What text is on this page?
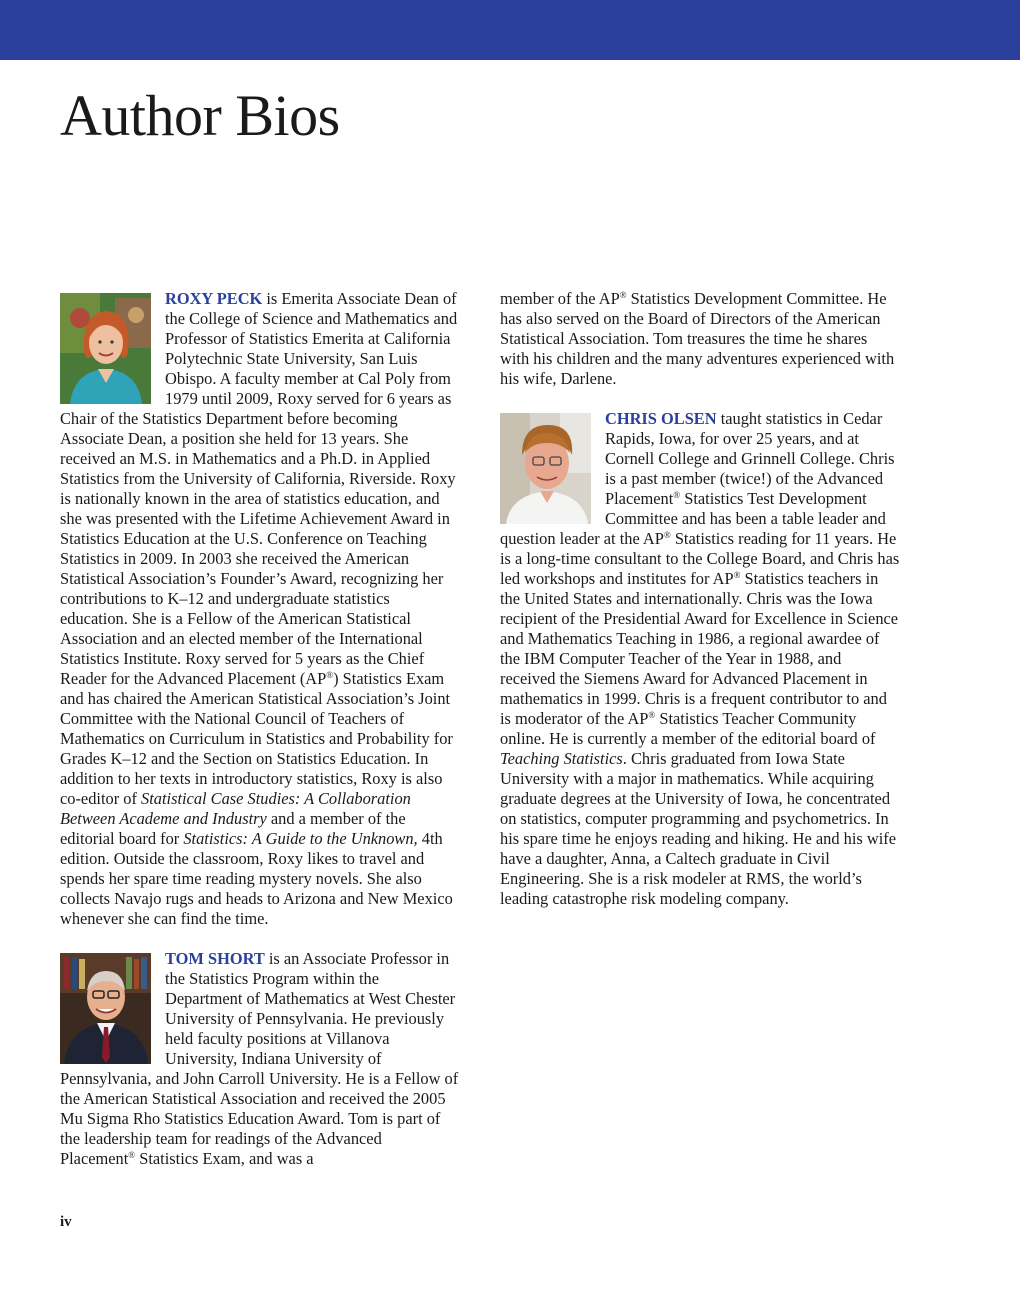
Author Bios

ROXY PECK is Emerita Associate Dean of the College of Science and Mathematics and Professor of Statistics Emerita at California Polytechnic State University, San Luis Obispo. A faculty member at Cal Poly from 1979 until 2009, Roxy served for 6 years as Chair of the Statistics Department before becoming Associate Dean, a position she held for 13 years. She received an M.S. in Mathematics and a Ph.D. in Applied Statistics from the University of California, Riverside. Roxy is nationally known in the area of statistics education, and she was presented with the Lifetime Achievement Award in Statistics Education at the U.S. Conference on Teaching Statistics in 2009. In 2003 she received the American Statistical Association’s Founder’s Award, recognizing her contributions to K–12 and undergraduate statistics education. She is a Fellow of the American Statistical Association and an elected member of the International Statistics Institute. Roxy served for 5 years as the Chief Reader for the Advanced Placement (AP®) Statistics Exam and has chaired the American Statistical Association’s Joint Committee with the National Council of Teachers of Mathematics on Curriculum in Statistics and Probability for Grades K–12 and the Section on Statistics Education. In addition to her texts in introductory statistics, Roxy is also co-editor of Statistical Case Studies: A Collaboration Between Academe and Industry and a member of the editorial board for Statistics: A Guide to the Unknown, 4th edition. Outside the classroom, Roxy likes to travel and spends her spare time reading mystery novels. She also collects Navajo rugs and heads to Arizona and New Mexico whenever she can find the time.

TOM SHORT is an Associate Professor in the Statistics Program within the Department of Mathematics at West Chester University of Pennsylvania. He previously held faculty positions at Villanova University, Indiana University of Pennsylvania, and John Carroll University. He is a Fellow of the American Statistical Association and received the 2005 Mu Sigma Rho Statistics Education Award. Tom is part of the leadership team for readings of the Advanced Placement® Statistics Exam, and was a

member of the AP® Statistics Development Committee. He has also served on the Board of Directors of the American Statistical Association. Tom treasures the time he shares with his children and the many adventures experienced with his wife, Darlene.

CHRIS OLSEN taught statistics in Cedar Rapids, Iowa, for over 25 years, and at Cornell College and Grinnell College. Chris is a past member (twice!) of the Advanced Placement® Statistics Test Development Committee and has been a table leader and question leader at the AP® Statistics reading for 11 years. He is a long-time consultant to the College Board, and Chris has led workshops and institutes for AP® Statistics teachers in the United States and internationally. Chris was the Iowa recipient of the Presidential Award for Excellence in Science and Mathematics Teaching in 1986, a regional awardee of the IBM Computer Teacher of the Year in 1988, and received the Siemens Award for Advanced Placement in mathematics in 1999. Chris is a frequent contributor to and is moderator of the AP® Statistics Teacher Community online. He is currently a member of the editorial board of Teaching Statistics. Chris graduated from Iowa State University with a major in mathematics. While acquiring graduate degrees at the University of Iowa, he concentrated on statistics, computer programming and psychometrics. In his spare time he enjoys reading and hiking. He and his wife have a daughter, Anna, a Caltech graduate in Civil Engineering. She is a risk modeler at RMS, the world’s leading catastrophe risk modeling company.

iv
